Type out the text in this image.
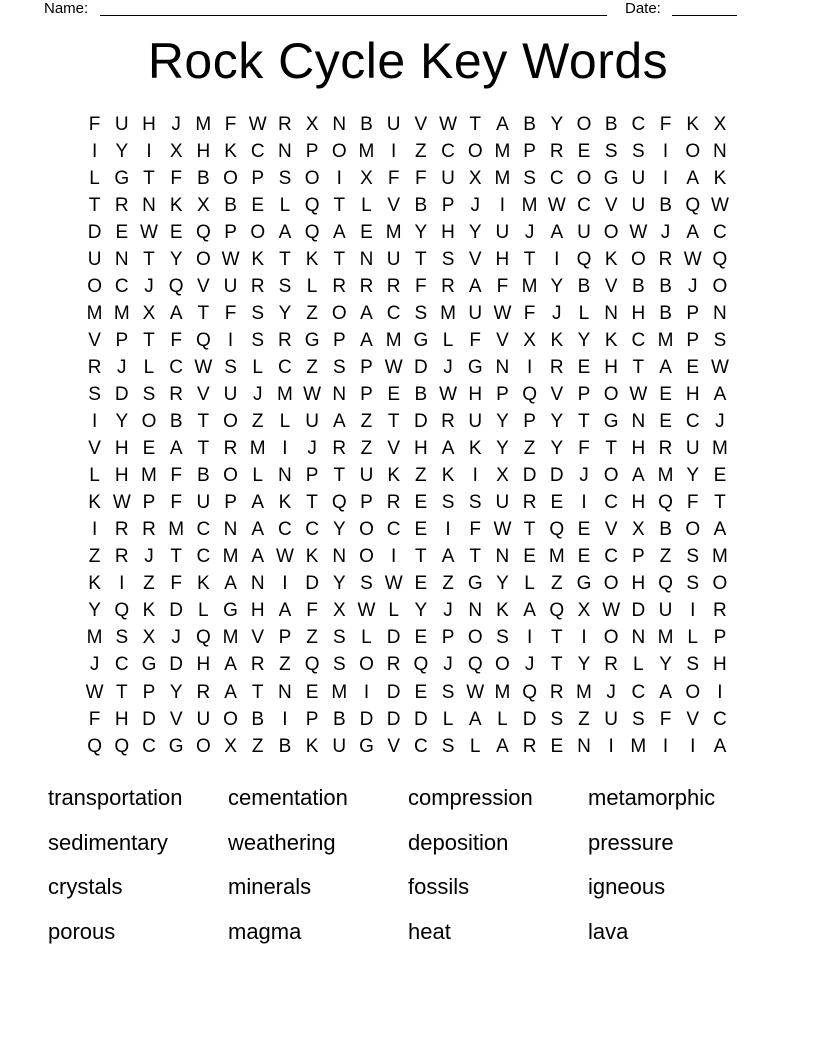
Name:	Date:
Rock Cycle Key Words
F U H J M F W R X N B U V W T A B Y O B C F K X
I Y I X H K C N P O M I Z C O M P R E S S I O N
L G T F B O P S O I X F F U X M S C O G U I A K
T R N K X B E L Q T L V B P J	I M W C V U B Q W
D E W E Q P O A Q A E M Y H Y U J A U O W J A C
U N T Y O W K T K T N U T S V H T I Q K O R W Q
O C J Q V U R S L R R R F R A F M Y B V B B J O
M M X A T F S Y Z O A C S M U W F J L N H B P N
V P T F Q I S R G P A M G L F V X K Y K C M P S
R J L C W S L C Z S P W D J G N I R E H T A E W
S D S R V U J M W N P E B W H P Q V P O W E H A
I Y O B T O Z L U A Z T D R U Y P Y T G N E C J
V H E A T R M I	J R Z V H A K Y Z Y F T H R U M
L H M F B O L N P T U K Z K I X D D J O A M Y E
K W P F U P A K T Q P R E S S U R E I C H Q F T
I R R M C N A C C Y O C E I F W T Q E V X B O A
Z R J T C M A W K N O I T A T N E M E C P Z S M
K I Z F K A N I D Y S W E Z G Y L Z G O H Q S O
Y Q K D L G H A F X W L Y J N K A Q X W D U I R
M S X J Q M V P Z S L D E P O S I T I O N M L P
J C G D H A R Z Q S O R Q J Q O J T Y R L Y S H
W T P Y R A T N E M I D E S W M Q R M J C A O I
F H D V U O B I P B D D D L A L D S Z U S F V C
Q Q C G O X Z B K U G V C S L A R E N I M I	I A
transportation	cementation	compression	metamorphic
sedimentary	weathering	deposition	pressure
crystals	minerals	fossils	igneous
porous	magma	heat	lava
